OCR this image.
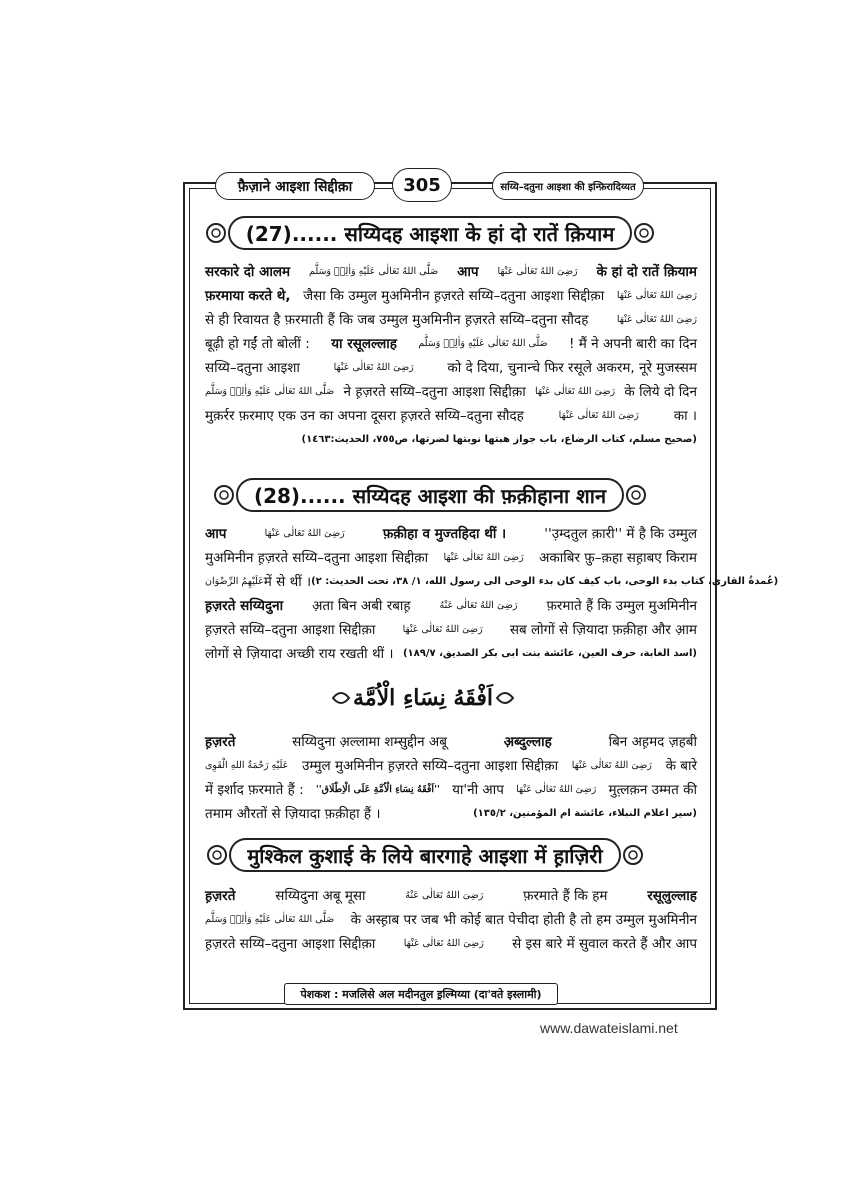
फ़ैज़ाने आइशा सिद्दीक़ा	305	सय्यि–दतुना आइशा की इन्फ़िरादिय्यत
(27)...... सय्यिदह आइशा के हां दो रातें क़ियाम
सरकारे दो आलम صَلَّى اللهُ تَعَالٰی عَلَیْهِ وَاٰلِهٖ وَسَلَّم आप رَضِیَ اللهُ تَعَالٰی عَنْهَا के हां दो रातें क़ियाम
फ़रमाया करते थे, जैसा कि उम्मुल मुअमिनीन ह़ज़रते सय्यि–दतुना आइशा सिद्दीक़ा رَضِیَ اللهُ تَعَالٰی عَنْهَا
से ही रिवायत है फ़रमाती हैं कि जब उम्मुल मुअमिनीन ह़ज़रते सय्यि–दतुना सौदह	رَضِیَ اللهُ تَعَالٰی عَنْهَا
बूढ़ी हो गईं तो बोलीं : या रसूलल्लाह صَلَّى اللهُ تَعَالٰی عَلَیْهِ وَاٰلِهٖ وَسَلَّم ! मैं ने अपनी बारी का दिन
सय्यि–दतुना आइशा	رَضِیَ اللهُ تَعَالٰی عَنْهَا को दे दिया, चुनान्चे फिर रसूले अकरम, नूरे मुजस्सम
صَلَّى اللهُ تَعَالٰی عَلَیْهِ وَاٰلِهٖ وَسَلَّم ने ह़ज़रते सय्यि–दतुना आइशा सिद्दीक़ा رَضِیَ اللهُ تَعَالٰی عَنْهَا के लिये दो दिन
मुक़र्रर फ़रमाए एक उन का अपना दूसरा ह़ज़रते सय्यि–दतुना सौदह	رَضِیَ اللهُ تَعَالٰی عَنْهَا	का ।
(صحیح مسلم، کتاب الرضاع، باب جواز هبتها نوبتها لضرتها، ص٧٥٥، الحدیث:١٤٦٣)
(28)...... सय्यिदह आइशा की फ़क़ीहाना शान
आप	رَضِیَ اللهُ تَعَالٰی عَنْهَا	फ़क़ीहा व मुज्तहिदा थीं ।	''उ़म्दतुल क़ारी'' में है कि उम्मुल
मुअमिनीन ह़ज़रते सय्यि–दतुना आइशा सिद्दीक़ा رَضِیَ اللهُ تَعَالٰی عَنْهَا अकाबिर फ़ु–क़हा सह़ाबए किराम
عَلَیْهِمُ الرِّضْوَان में से थीं । (عُمدةُ القاری، کتاب بدء الوحی، باب کیف کان بدء الوحی الی رسول الله، ١/ ٣٨، تحت الحدیث: ٢)
ह़ज़रते सय्यिदुना अ़ता बिन अबी रबाह़	رَضِیَ اللهُ تَعَالٰی عَنْهُ फ़रमाते हैं कि उम्मुल मुअमिनीन
ह़ज़रते सय्यि–दतुना आइशा सिद्दीक़ा	رَضِیَ اللهُ تَعَالٰی عَنْهَا सब लोगों से ज़ियादा फ़क़ीहा और आ़म
लोगों से ज़ियादा अच्छी राय रखती थीं । (اسد الغابة، حرف العین، عائشة بنت ابی بکر الصدیق، ١٨٩/٧)
اَفْقَهُ نِسَاءِ الْاُمَّة
ह़ज़रते	सय्यिदुना अ़ल्लामा शम्सुद्दीन अबू	अ़ब्दुल्लाह	बिन अह़मद ज़हबी
عَلَیْهِ رَحْمَةُ اللهِ الْقَوِی उम्मुल मुअमिनीन ह़ज़रते सय्यि–दतुना आइशा सिद्दीक़ा رَضِیَ اللهُ تَعَالٰی عَنْهَا के बारे
में इर्शाद फ़रमाते हैं : ''اَفْقَهُ نِسَاءِ الْاُمَّةِ عَلَى الْاِطْلَاق'' या'नी आप رَضِیَ اللهُ تَعَالٰی عَنْهَا मुत़्लक़न उम्मत की
तमाम औरतों से ज़ियादा फ़क़ीहा हैं ।	(سیر اعلام النبلاء، عائشة ام المؤمنین، ١٣٥/٢)
मुश्किल कुशाई के लिये बारगाहे आइशा में ह़ाज़िरी
ह़ज़रते	सय्यिदुना अबू मूसा	رَضِیَ اللهُ تَعَالٰی عَنْهُ	फ़रमाते हैं कि हम	रसूलुल्लाह
صَلَّى اللهُ تَعَالٰی عَلَیْهِ وَاٰلِهٖ وَسَلَّم के अस्ह़ाब पर जब भी कोई बात पेचीदा होती है तो हम उम्मुल मुअमिनीन
ह़ज़रते सय्यि–दतुना आइशा सिद्दीक़ा	رَضِیَ اللهُ تَعَالٰی عَنْهَا से इस बारे में सुवाल करते हैं और आप
पेशकश : मजलिसे अल मदीनतुल इ़ल्मिय्या (दा'वते इस्लामी)
www.dawateislami.net
